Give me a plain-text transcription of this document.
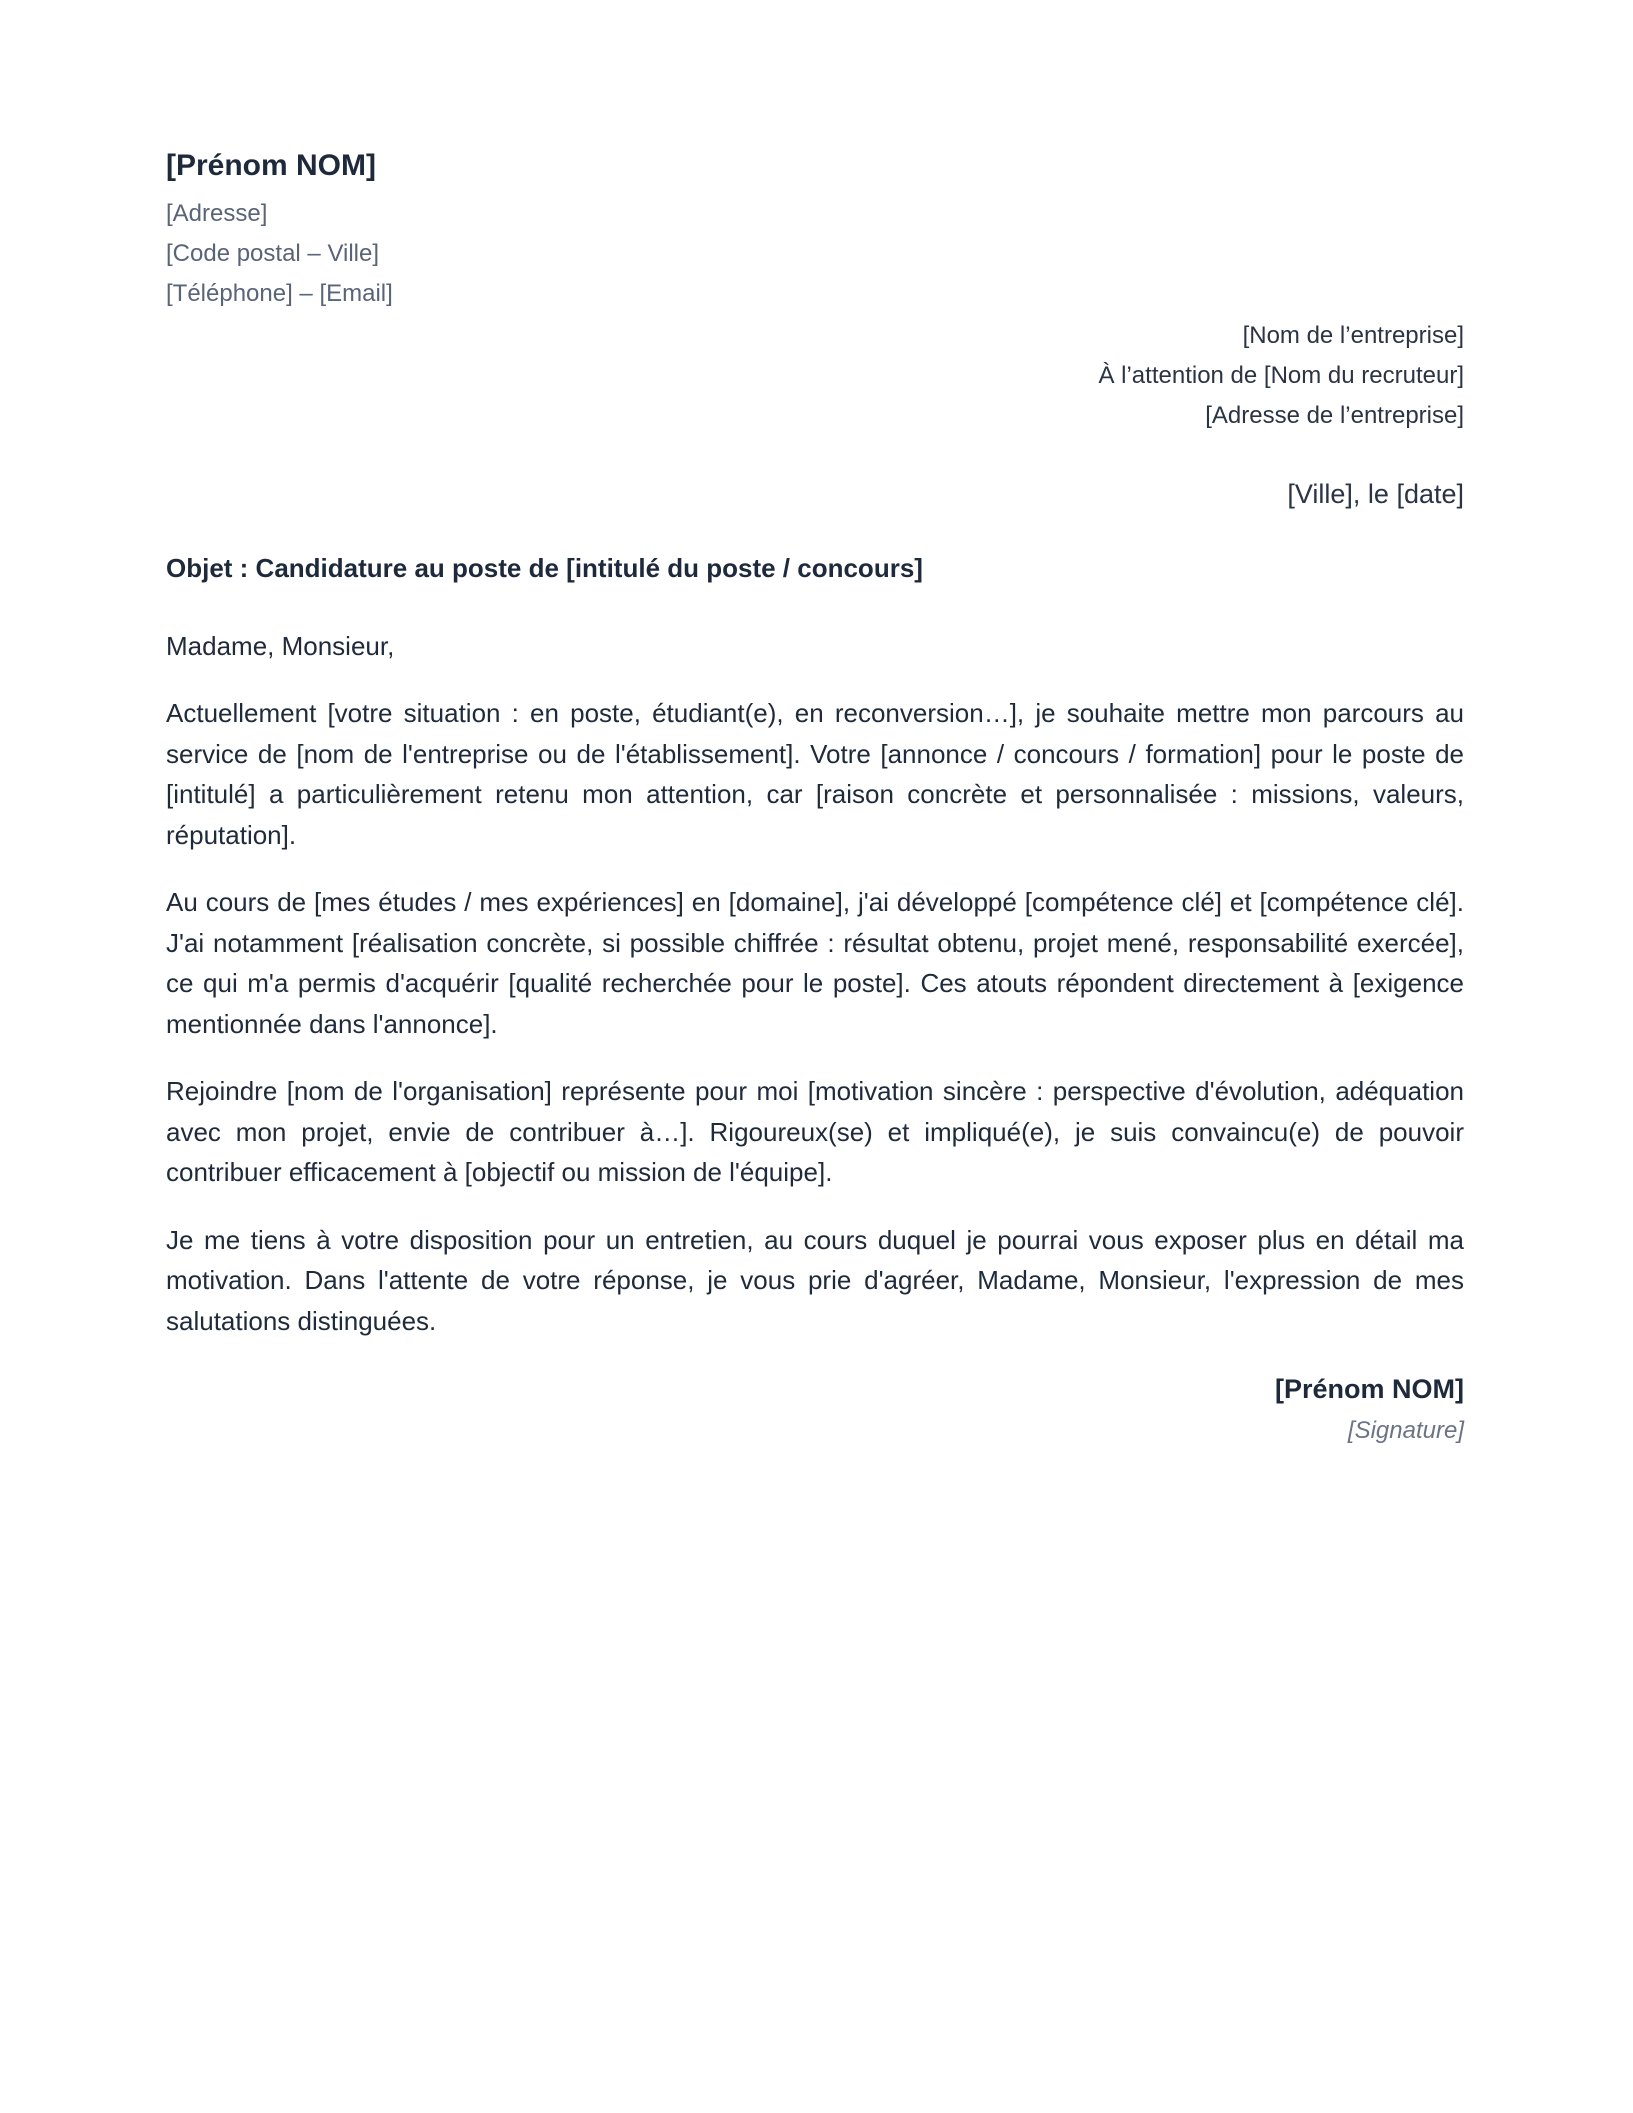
[Prénom NOM]
[Adresse]
[Code postal – Ville]
[Téléphone] – [Email]
[Nom de l’entreprise]
À l’attention de [Nom du recruteur]
[Adresse de l’entreprise]
[Ville], le [date]
Objet : Candidature au poste de [intitulé du poste / concours]
Madame, Monsieur,
Actuellement [votre situation : en poste, étudiant(e), en reconversion…], je souhaite mettre mon parcours au service de [nom de l'entreprise ou de l'établissement]. Votre [annonce / concours / formation] pour le poste de [intitulé] a particulièrement retenu mon attention, car [raison concrète et personnalisée : missions, valeurs, réputation].
Au cours de [mes études / mes expériences] en [domaine], j'ai développé [compétence clé] et [compétence clé]. J'ai notamment [réalisation concrète, si possible chiffrée : résultat obtenu, projet mené, responsabilité exercée], ce qui m'a permis d'acquérir [qualité recherchée pour le poste]. Ces atouts répondent directement à [exigence mentionnée dans l'annonce].
Rejoindre [nom de l'organisation] représente pour moi [motivation sincère : perspective d'évolution, adéquation avec mon projet, envie de contribuer à…]. Rigoureux(se) et impliqué(e), je suis convaincu(e) de pouvoir contribuer efficacement à [objectif ou mission de l'équipe].
Je me tiens à votre disposition pour un entretien, au cours duquel je pourrai vous exposer plus en détail ma motivation. Dans l'attente de votre réponse, je vous prie d'agréer, Madame, Monsieur, l'expression de mes salutations distinguées.
[Prénom NOM]
[Signature]
